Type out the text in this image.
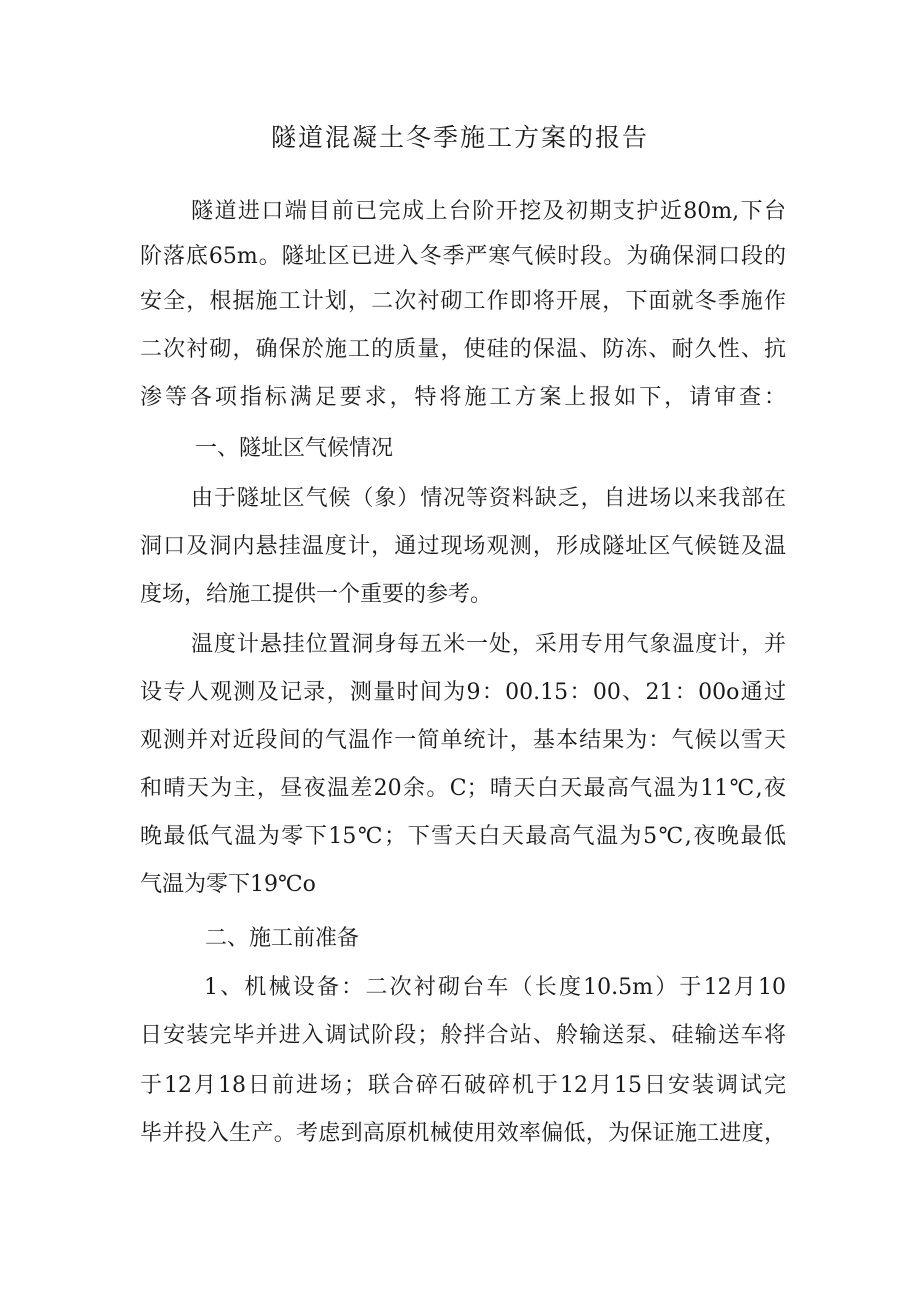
隧道混凝土冬季施工方案的报告

隧道进口端目前已完成上台阶开挖及初期支护近80m,下台

阶落底65m。隧址区已进入冬季严寒气候时段。为确保洞口段的

安全，根据施工计划，二次衬砌工作即将开展，下面就冬季施作

二次衬砌，确保於施工的质量，使硅的保温、防冻、耐久性、抗

渗等各项指标满足要求，特将施工方案上报如下，请审查：

一、隧址区气候情况

由于隧址区气候（象）情况等资料缺乏，自进场以来我部在

洞口及洞内悬挂温度计，通过现场观测，形成隧址区气候链及温

度场，给施工提供一个重要的参考。

温度计悬挂位置洞身每五米一处，采用专用气象温度计，并

设专人观测及记录，测量时间为9：00.15：00、21：00o通过

观测并对近段间的气温作一简单统计，基本结果为：气候以雪天

和晴天为主，昼夜温差20余。C；晴天白天最高气温为11℃,夜

晚最低气温为零下15℃；下雪天白天最高气温为5℃,夜晚最低

气温为零下19℃o

二、施工前准备

1、机械设备：二次衬砌台车（长度10.5m）于12月10

日安装完毕并进入调试阶段；舲拌合站、舲输送泵、硅输送车将

于12月18日前进场；联合碎石破碎机于12月15日安装调试完

毕并投入生产。考虑到高原机械使用效率偏低，为保证施工进度，
